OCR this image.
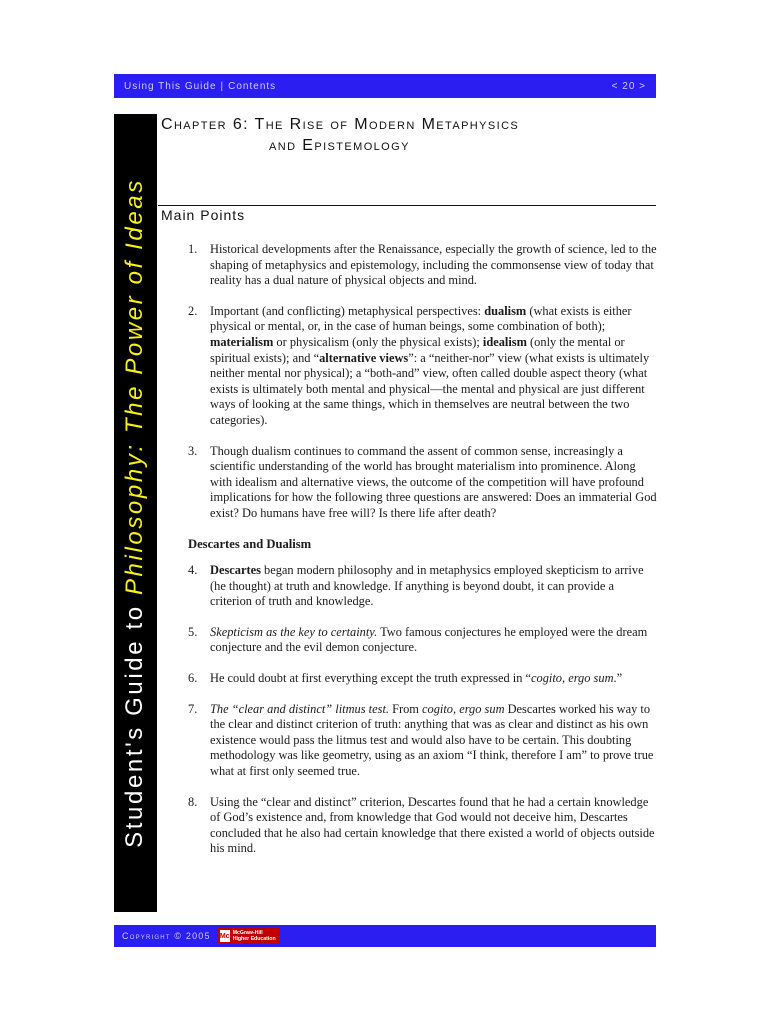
Using This Guide | Contents	< 20 >
Student's Guide to Philosophy: The Power of Ideas
Chapter 6: The Rise of Modern Metaphysics
and Epistemology
Main Points
1. Historical developments after the Renaissance, especially the growth of science, led to the shaping of metaphysics and epistemology, including the commonsense view of today that reality has a dual nature of physical objects and mind.
2. Important (and conflicting) metaphysical perspectives: dualism (what exists is either physical or mental, or, in the case of human beings, some combination of both); materialism or physicalism (only the physical exists); idealism (only the mental or spiritual exists); and “alternative views”: a “neither-nor” view (what exists is ultimately neither mental nor physical); a “both-and” view, often called double aspect theory (what exists is ultimately both mental and physical—the mental and physical are just different ways of looking at the same things, which in themselves are neutral between the two categories).
3. Though dualism continues to command the assent of common sense, increasingly a scientific understanding of the world has brought materialism into prominence. Along with idealism and alternative views, the outcome of the competition will have profound implications for how the following three questions are answered: Does an immaterial God exist? Do humans have free will? Is there life after death?

Descartes and Dualism

4. Descartes began modern philosophy and in metaphysics employed skepticism to arrive (he thought) at truth and knowledge. If anything is beyond doubt, it can provide a criterion of truth and knowledge.
5. Skepticism as the key to certainty. Two famous conjectures he employed were the dream conjecture and the evil demon conjecture.
6. He could doubt at first everything except the truth expressed in “cogito, ergo sum.”
7. The “clear and distinct” litmus test. From cogito, ergo sum Descartes worked his way to the clear and distinct criterion of truth: anything that was as clear and distinct as his own existence would pass the litmus test and would also have to be certain. This doubting methodology was like geometry, using as an axiom “I think, therefore I am” to prove true what at first only seemed true.
8. Using the “clear and distinct” criterion, Descartes found that he had a certain knowledge of God’s existence and, from knowledge that God would not deceive him, Descartes concluded that he also had certain knowledge that there existed a world of objects outside his mind.
Copyright © 2005 Mc McGraw-Hill
Higher Education
